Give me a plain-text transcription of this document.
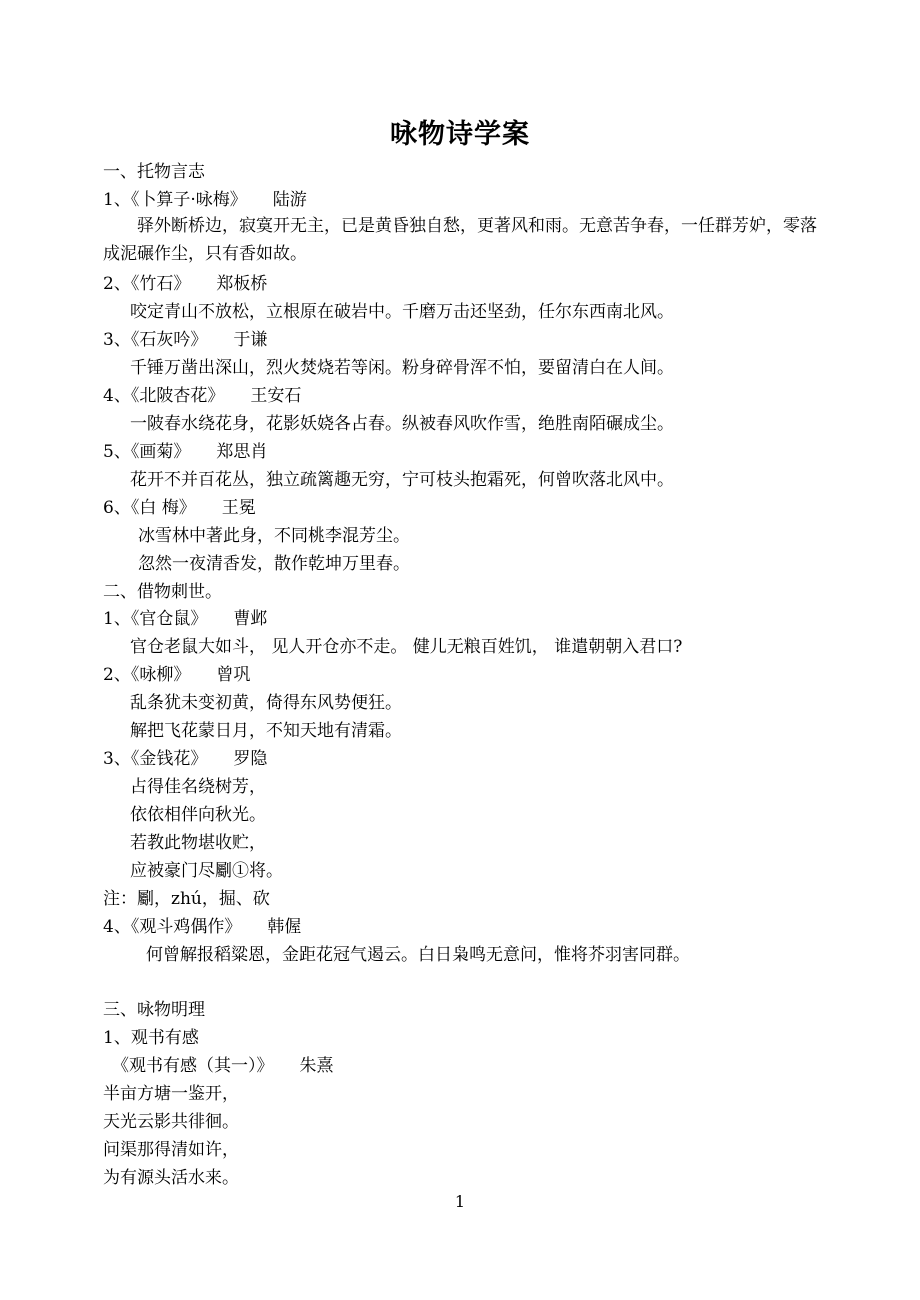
咏物诗学案
一、托物言志
1、《卜算子·咏梅》 陆游
驿外断桥边，寂寞开无主，已是黄昏独自愁，更著风和雨。无意苦争春，一任群芳妒，零落成泥碾作尘，只有香如故。
2、《竹石》 郑板桥
咬定青山不放松，立根原在破岩中。千磨万击还坚劲，任尔东西南北风。
3、《石灰吟》 于谦
千锤万凿出深山，烈火焚烧若等闲。粉身碎骨浑不怕，要留清白在人间。
4、《北陂杏花》 王安石
一陂春水绕花身，花影妖娆各占春。纵被春风吹作雪，绝胜南陌碾成尘。
5、《画菊》 郑思肖
花开不并百花丛，独立疏篱趣无穷，宁可枝头抱霜死，何曾吹落北风中。
6、《白 梅》 王冕
冰雪林中著此身，不同桃李混芳尘。
忽然一夜清香发，散作乾坤万里春。
二、借物刺世。
1、《官仓鼠》 曹邺
官仓老鼠大如斗， 见人开仓亦不走。 健儿无粮百姓饥， 谁遣朝朝入君口?
2、《咏柳》 曾巩
乱条犹未变初黄，倚得东风势便狂。
解把飞花蒙日月，不知天地有清霜。
3、《金钱花》 罗隐
占得佳名绕树芳，
依依相伴向秋光。
若教此物堪收贮，
应被豪门尽劚①将。
注：劚，zhú，掘、砍
4、《观斗鸡偶作》 韩偓
何曾解报稻粱恩，金距花冠气遏云。白日枭鸣无意问，惟将芥羽害同群。
三、咏物明理
1、观书有感
《观书有感（其一）》 朱熹
半亩方塘一鉴开，
天光云影共徘徊。
问渠那得清如许，
为有源头活水来。
1
